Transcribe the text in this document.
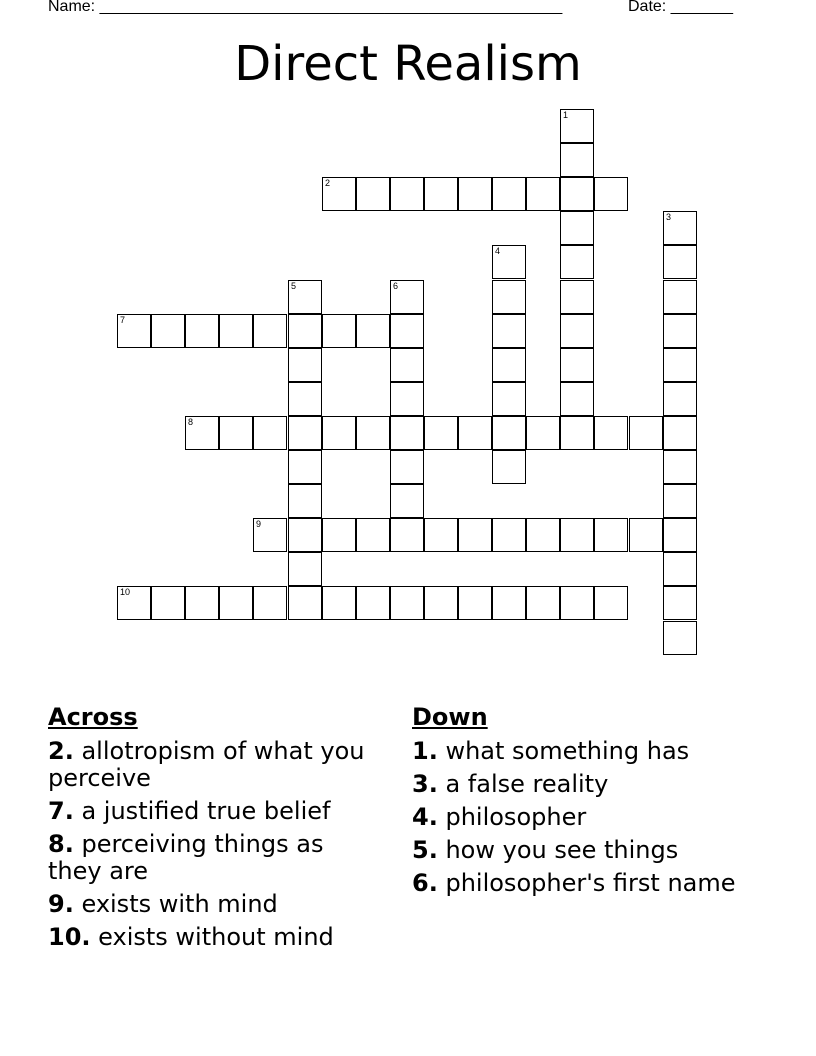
Name: ____________________________________________________	Date: _______
Direct Realism
1
2
3
4
5	6
7
8
9
10
Across
2. allotropism of what you perceive
7. a justified true belief
8. perceiving things as they are
9. exists with mind
10. exists without mind
Down
1. what something has
3. a false reality
4. philosopher
5. how you see things
6. philosopher's first name
